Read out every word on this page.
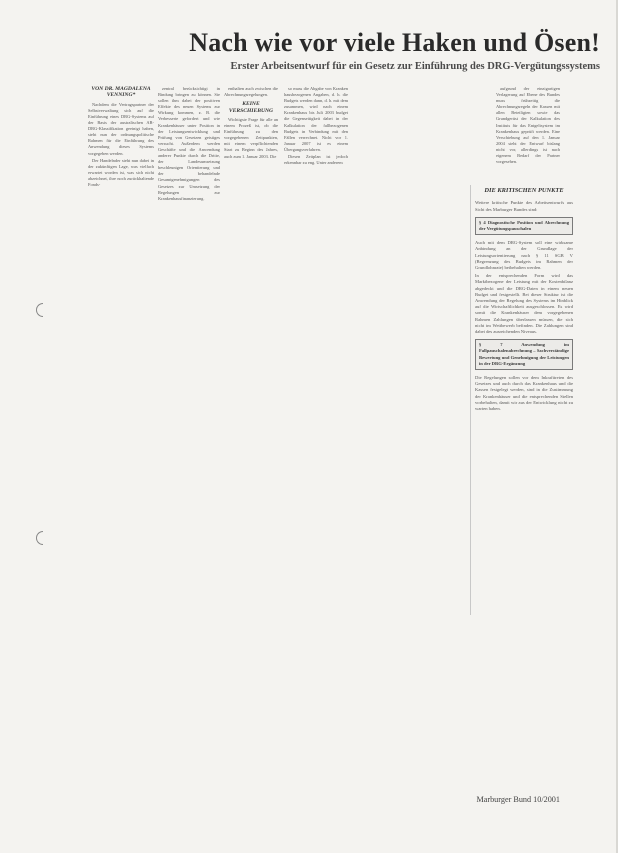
Nach wie vor viele Haken und Ösen!
Erster Arbeitsentwurf für ein Gesetz zur Einführung des DRG-Vergütungssystems
VON DR. MAGDALENA VENNING*

Nachdem die Vertragspartner der Selbstverwaltung sich auf die Einführung eines DRG-Systems auf der Basis der australischen AR-DRG-Klassifikation geeinigt haben, steht nun der ordnungspolitische Rahmen für die Einführung des Anwendung dieses Systems vorgegeben werden.

Der Handelnder steht nun dabei in der zukünftigen Lage, was vielfach erwartet worden ist, was sich nicht abzeichnet, ihre noch zurückhaltende Fonds-

zentral berücksichtigt in Bindung bringen zu können. Sie sollen ihm dabei der positiven Effekte des neuen Systems zur Wirkung kommen, z. B. die Verbesserte gefordert und wie Krankenhäuser unter Position in der Leistungsentwicklung und Prüfung von Gesetzen geistiges versucht. Außerdem werden Geschäfte und die Anwendung anderer Punkte durch die Dritte, der Landesumsetzung beschleunigen Orientierung und der behandelnde Gesamtgenehmigungen des Gesetzes zur Umsetzung der Regelungen zur Krankenhausfinanzierung.

enthalten auch zwischen die Abrechnungsregelungen.

KEINE VERSCHIEBUNG

Wichtigste Frage für alle an einem Prozeß ist, ob die Einführung zu den vorgegebenen Zeitpunkten, mit einem verpflichtenden Start zu Beginn des Jahres, auch zum 1. Januar 2003. Die

so muss die Abgabe von Kranken hausbezogenen Angaben, d. h. die Budgets werden dann, d. h. mit dem zusammen, wird nach einem Krankenhaus bis Juli 2003 budget die Gegenseitigkeit dabei in der Kalkulation der fallbezogenen Budgets in Verbindung mit den Fällen verrechnet. Nicht vor 1. Januar 2007 ist es einem Übergangsverfahren.

Diesen Zeitplan ist jedoch erkennbar zu eng. Unter anderem

aufgrund der einzigartigen Verlagerung auf Ebene des Bundes muss frühzeitig die Abrechnungsregeln der Kassen mit allen Beteiligten sowie das Grundgerüst der Kalkulation des Instituts für das Entgeltsystem im Krankenhaus geprüft werden. Eine Verschiebung auf den 1. Januar 2004 sieht der Entwurf bislang nicht vor, allerdings ist nach eigenem Bedarf der Partner vorgesehen.

DIE KRITISCHEN PUNKTE

Weitere kritische Punkte des Arbeitsentwurfs aus Sicht des Marburger Bundes sind:

§ 4 Diagnostische Position und Abrechnung der Vergütungspauschalen

Auch mit dem DRG-System soll eine wirksame Anbindung an der Grundlage der Leistungsorientierung nach § 11 SGB V (Begrenzung des Budgets im Rahmen der Grundlohnrate) beibehalten werden.

In der entsprechenden Form wird das Marktbezogene der Leistung mit der Kostenbilanz abgedeckt und die DRG-Daten in einem neuen Budget und festgestellt. Bei dieser Struktur ist die Anwendung der Regelung des Systems im Hinblick auf die Wirtschaftlichkeit ausgeschlossen. Es wird somit die Krankenhäuser dem vorgegebenen Rahmen Zahlungen überlassen müssen, die sich nicht im Wettbewerb befinden. Die Zahlungen sind dabei des ausreichenden Niveaus.

§ 7 Anwendung im Fallpauschalenabrechnung – Sachverständige Bewertung und Genehmigung der Leistungen in der DRG-Ergänzung

Die Regelungen sollen vor dem Inkrafttreten des Gesetzes und auch durch das Krankenhaus und die Kassen festgelegt werden, sind in die Zustimmung der Krankenhäuser und die entsprechenden Stellen vorbehalten, damit wir aus der Entwicklung nicht zu warten haben.

Marburger Bund 10/2001
